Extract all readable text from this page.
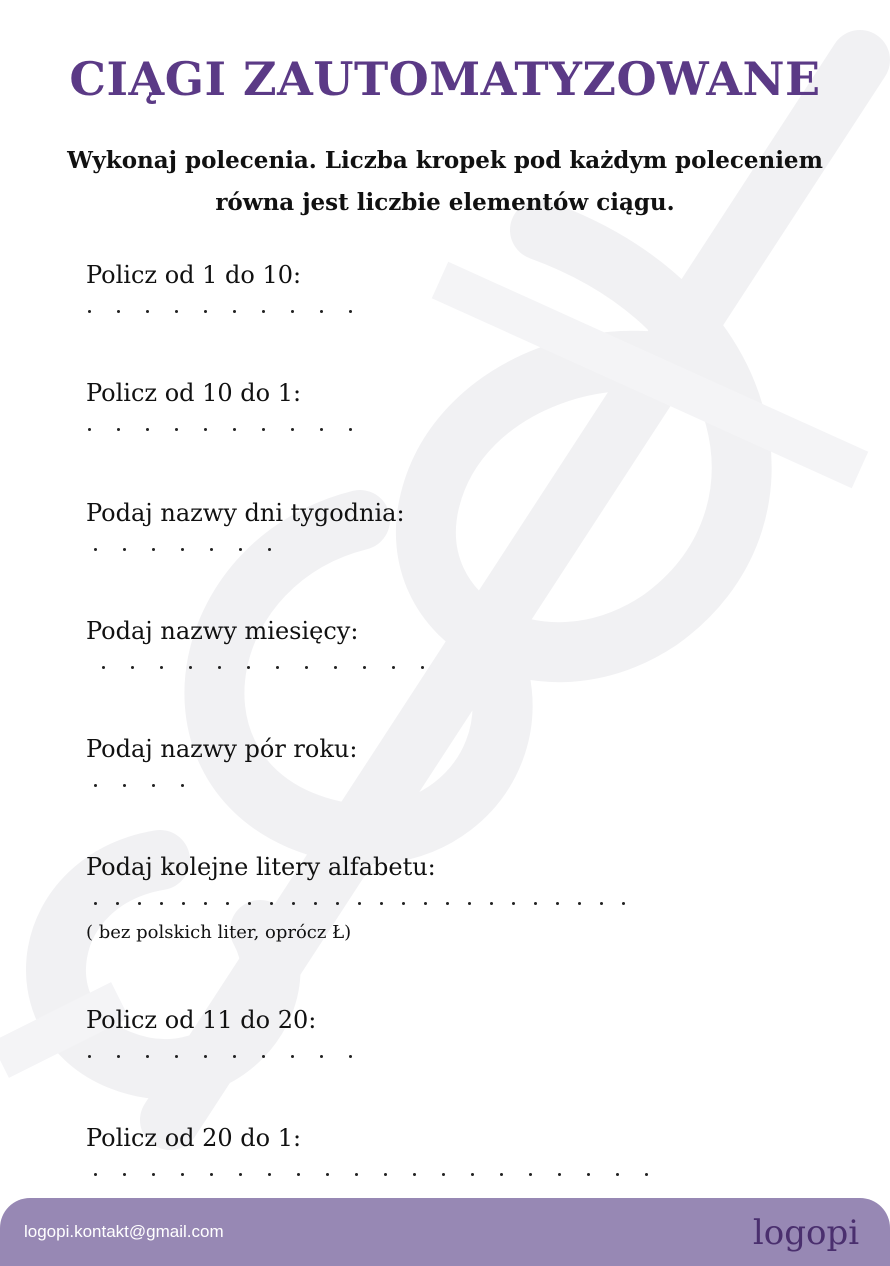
CIĄGI ZAUTOMATYZOWANE
Wykonaj polecenia. Liczba kropek pod każdym poleceniem
równa jest liczbie elementów ciągu.
Policz od 1 do 10:
Policz od 10 do 1:
Podaj nazwy dni tygodnia:
Podaj nazwy miesięcy:
Podaj nazwy pór roku:
Podaj kolejne litery alfabetu:
( bez polskich liter, oprócz Ł)
Policz od 11 do 20:
Policz od 20 do 1:
logopi.kontakt@gmail.com	logopi
